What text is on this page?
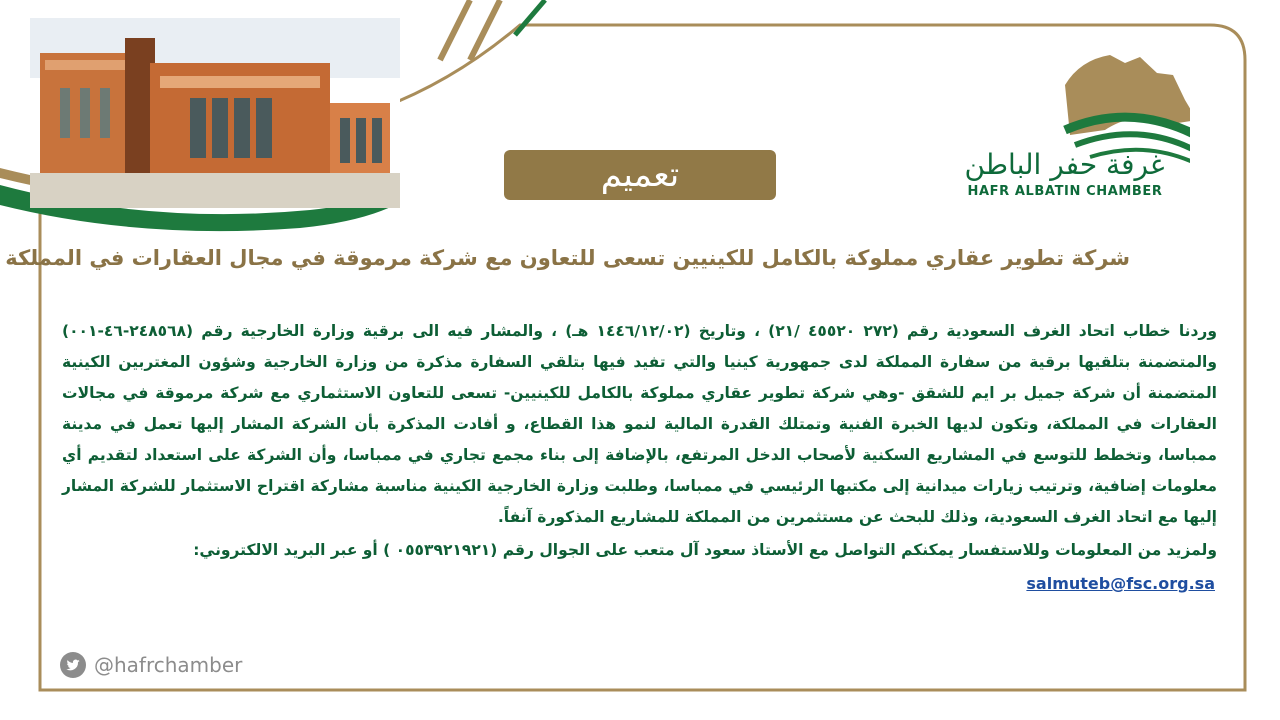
غرفة حفر الباطن
HAFR ALBATIN CHAMBER
تعميم
شركة تطوير عقاري مملوكة بالكامل للكينيين تسعى للتعاون مع شركة مرموقة في مجال العقارات في المملكة

وردنا خطاب اتحاد الغرف السعودية رقم (٢٧٢ ٤٥٥٢٠ /٢١) ، وتاريخ (١٤٤٦/١٢/٠٢ هـ) ، والمشار فيه الى برقية وزارة الخارجية رقم (٢٤٨٥٦٨-٤٦-٠٠١) والمتضمنة بتلقيها برقية من سفارة المملكة لدى جمهورية كينيا والتي تفيد فيها بتلقي السفارة مذكرة من وزارة الخارجية وشؤون المغتربين الكينية المتضمنة أن شركة جميل بر ايم للشقق -وهي شركة تطوير عقاري مملوكة بالكامل للكينيين- تسعى للتعاون الاستثماري مع شركة مرموقة في مجالات العقارات في المملكة، وتكون لديها الخبرة الفنية وتمتلك القدرة المالية لنمو هذا القطاع، و أفادت المذكرة بأن الشركة المشار إليها تعمل في مدينة ممباسا، وتخطط للتوسع في المشاريع السكنية لأصحاب الدخل المرتفع، بالإضافة إلى بناء مجمع تجاري في ممباسا، وأن الشركة على استعداد لتقديم أي معلومات إضافية، وترتيب زيارات ميدانية إلى مكتبها الرئيسي في ممباسا، وطلبت وزارة الخارجية الكينية مناسبة مشاركة اقتراح الاستثمار للشركة المشار إليها مع اتحاد الغرف السعودية، وذلك للبحث عن مستثمرين من المملكة للمشاريع المذكورة آنفاً.

ولمزيد من المعلومات وللاستفسار يمكنكم التواصل مع الأستاذ سعود آل متعب على الجوال رقم (٠٥٥٣٩٢١٩٢١ ) أو عبر البريد الالكتروني:
salmuteb@fsc.org.sa
@hafrchamber
